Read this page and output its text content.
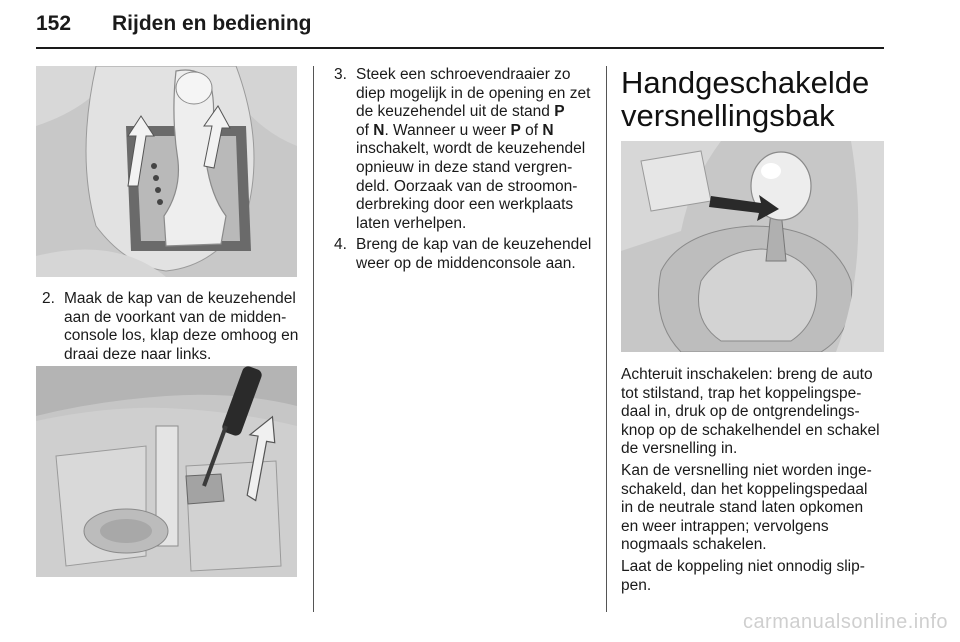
152 Rijden en bediening
2. Maak de kap van de keuzehendel
aan de voorkant van de midden-
console los, klap deze omhoog en
draai deze naar links.
3. Steek een schroevendraaier zo
diep mogelijk in de opening en zet
de keuzehendel uit de stand P
of N. Wanneer u weer P of N
inschakelt, wordt de keuzehendel
opnieuw in deze stand vergren-
deld. Oorzaak van de stroomon-
derbreking door een werkplaats
laten verhelpen.
4. Breng de kap van de keuzehendel
weer op de middenconsole aan.
Handgeschakelde
versnellingsbak
Achteruit inschakelen: breng de auto
tot stilstand, trap het koppelingspe-
daal in, druk op de ontgrendelings-
knop op de schakelhendel en schakel
de versnelling in.
Kan de versnelling niet worden inge-
schakeld, dan het koppelingspedaal
in de neutrale stand laten opkomen
en weer intrappen; vervolgens
nogmaals schakelen.
Laat de koppeling niet onnodig slip-
pen.
carmanualsonline.info
